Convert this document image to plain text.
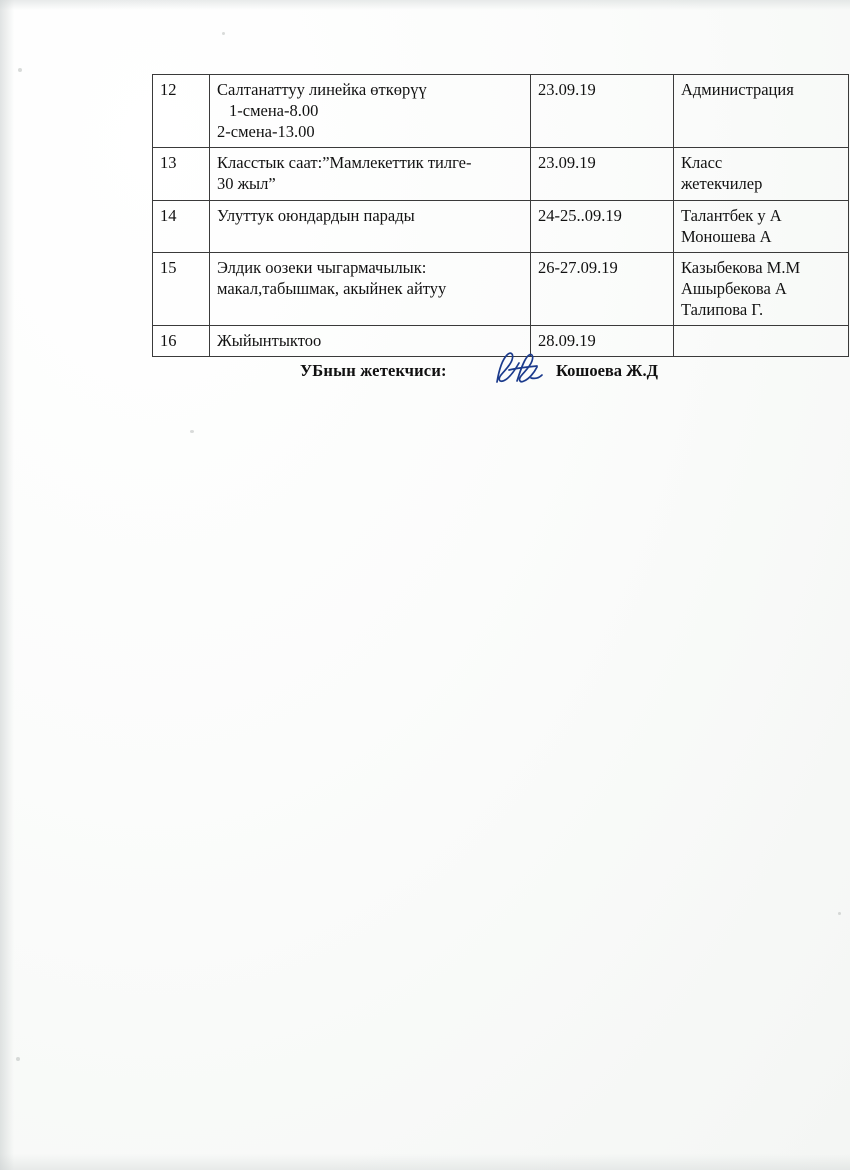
12	Салтанаттуу линейка өткөрүү
1-смена-8.00
2-смена-13.00	23.09.19	Администрация

13	Класстык саат:”Мамлекеттик тилге-
30 жыл”	23.09.19	Класс
жетекчилер

14	Улуттук оюндардын парады	24-25..09.19	Талантбек у А
Моношева А

15	Элдик оозеки чыгармачылык:
макал,табышмак, акыйнек айтуу	26-27.09.19	Казыбекова М.М
Ашырбекова А
Талипова Г.

16	Жыйынтыктоо	28.09.19	
УБнын жетекчиси:	Кошоева Ж.Д
